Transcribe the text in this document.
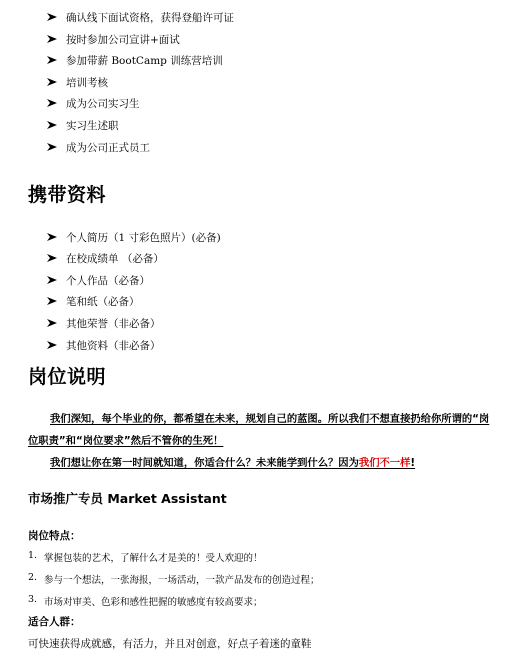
确认线下面试资格，获得登船许可证
按时参加公司宣讲+面试
参加带薪 BootCamp 训练营培训
培训考核
成为公司实习生
实习生述职
成为公司正式员工
携带资料
个人简历（1 寸彩色照片）(必备)
在校成绩单 （必备）
个人作品（必备）
笔和纸（必备）
其他荣誉（非必备）
其他资料（非必备）
岗位说明
我们深知，每个毕业的你，都希望在未来，规划自己的蓝图。所以我们不想直接扔给你所谓的“岗
位职责”和“岗位要求”然后不管你的生死！
我们想让你在第一时间就知道，你适合什么？未来能学到什么？因为我们不一样!
市场推广专员 Market Assistant
岗位特点：
1. 掌握包装的艺术，了解什么才是美的！受人欢迎的！
2. 参与一个想法，一张海报，一场活动，一款产品发布的创造过程；
3. 市场对审美、色彩和感性把握的敏感度有较高要求；
适合人群：
可快速获得成就感，有活力，并且对创意，好点子着迷的童鞋
